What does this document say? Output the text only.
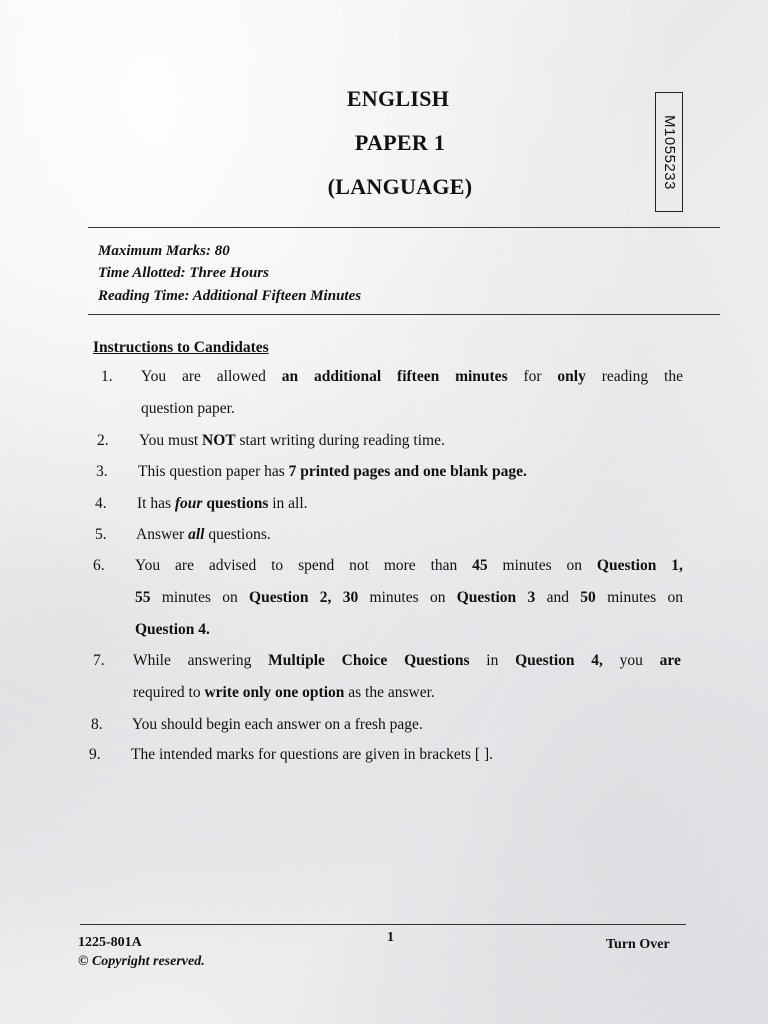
ENGLISH
PAPER 1
(LANGUAGE)	M1055233
Maximum Marks: 80
Time Allotted: Three Hours
Reading Time: Additional Fifteen Minutes
Instructions to Candidates
1. You are allowed an additional fifteen minutes for only reading the
question paper.
2. You must NOT start writing during reading time.
3. This question paper has 7 printed pages and one blank page.
4. It has four questions in all.
5. Answer all questions.
6. You are advised to spend not more than 45 minutes on Question 1,
55 minutes on Question 2, 30 minutes on Question 3 and 50 minutes on
Question 4.
7. While answering Multiple Choice Questions in Question 4, you are
required to write only one option as the answer.
8. You should begin each answer on a fresh page.
9. The intended marks for questions are given in brackets [ ].
1225-801A
© Copyright reserved.
1	Turn Over
